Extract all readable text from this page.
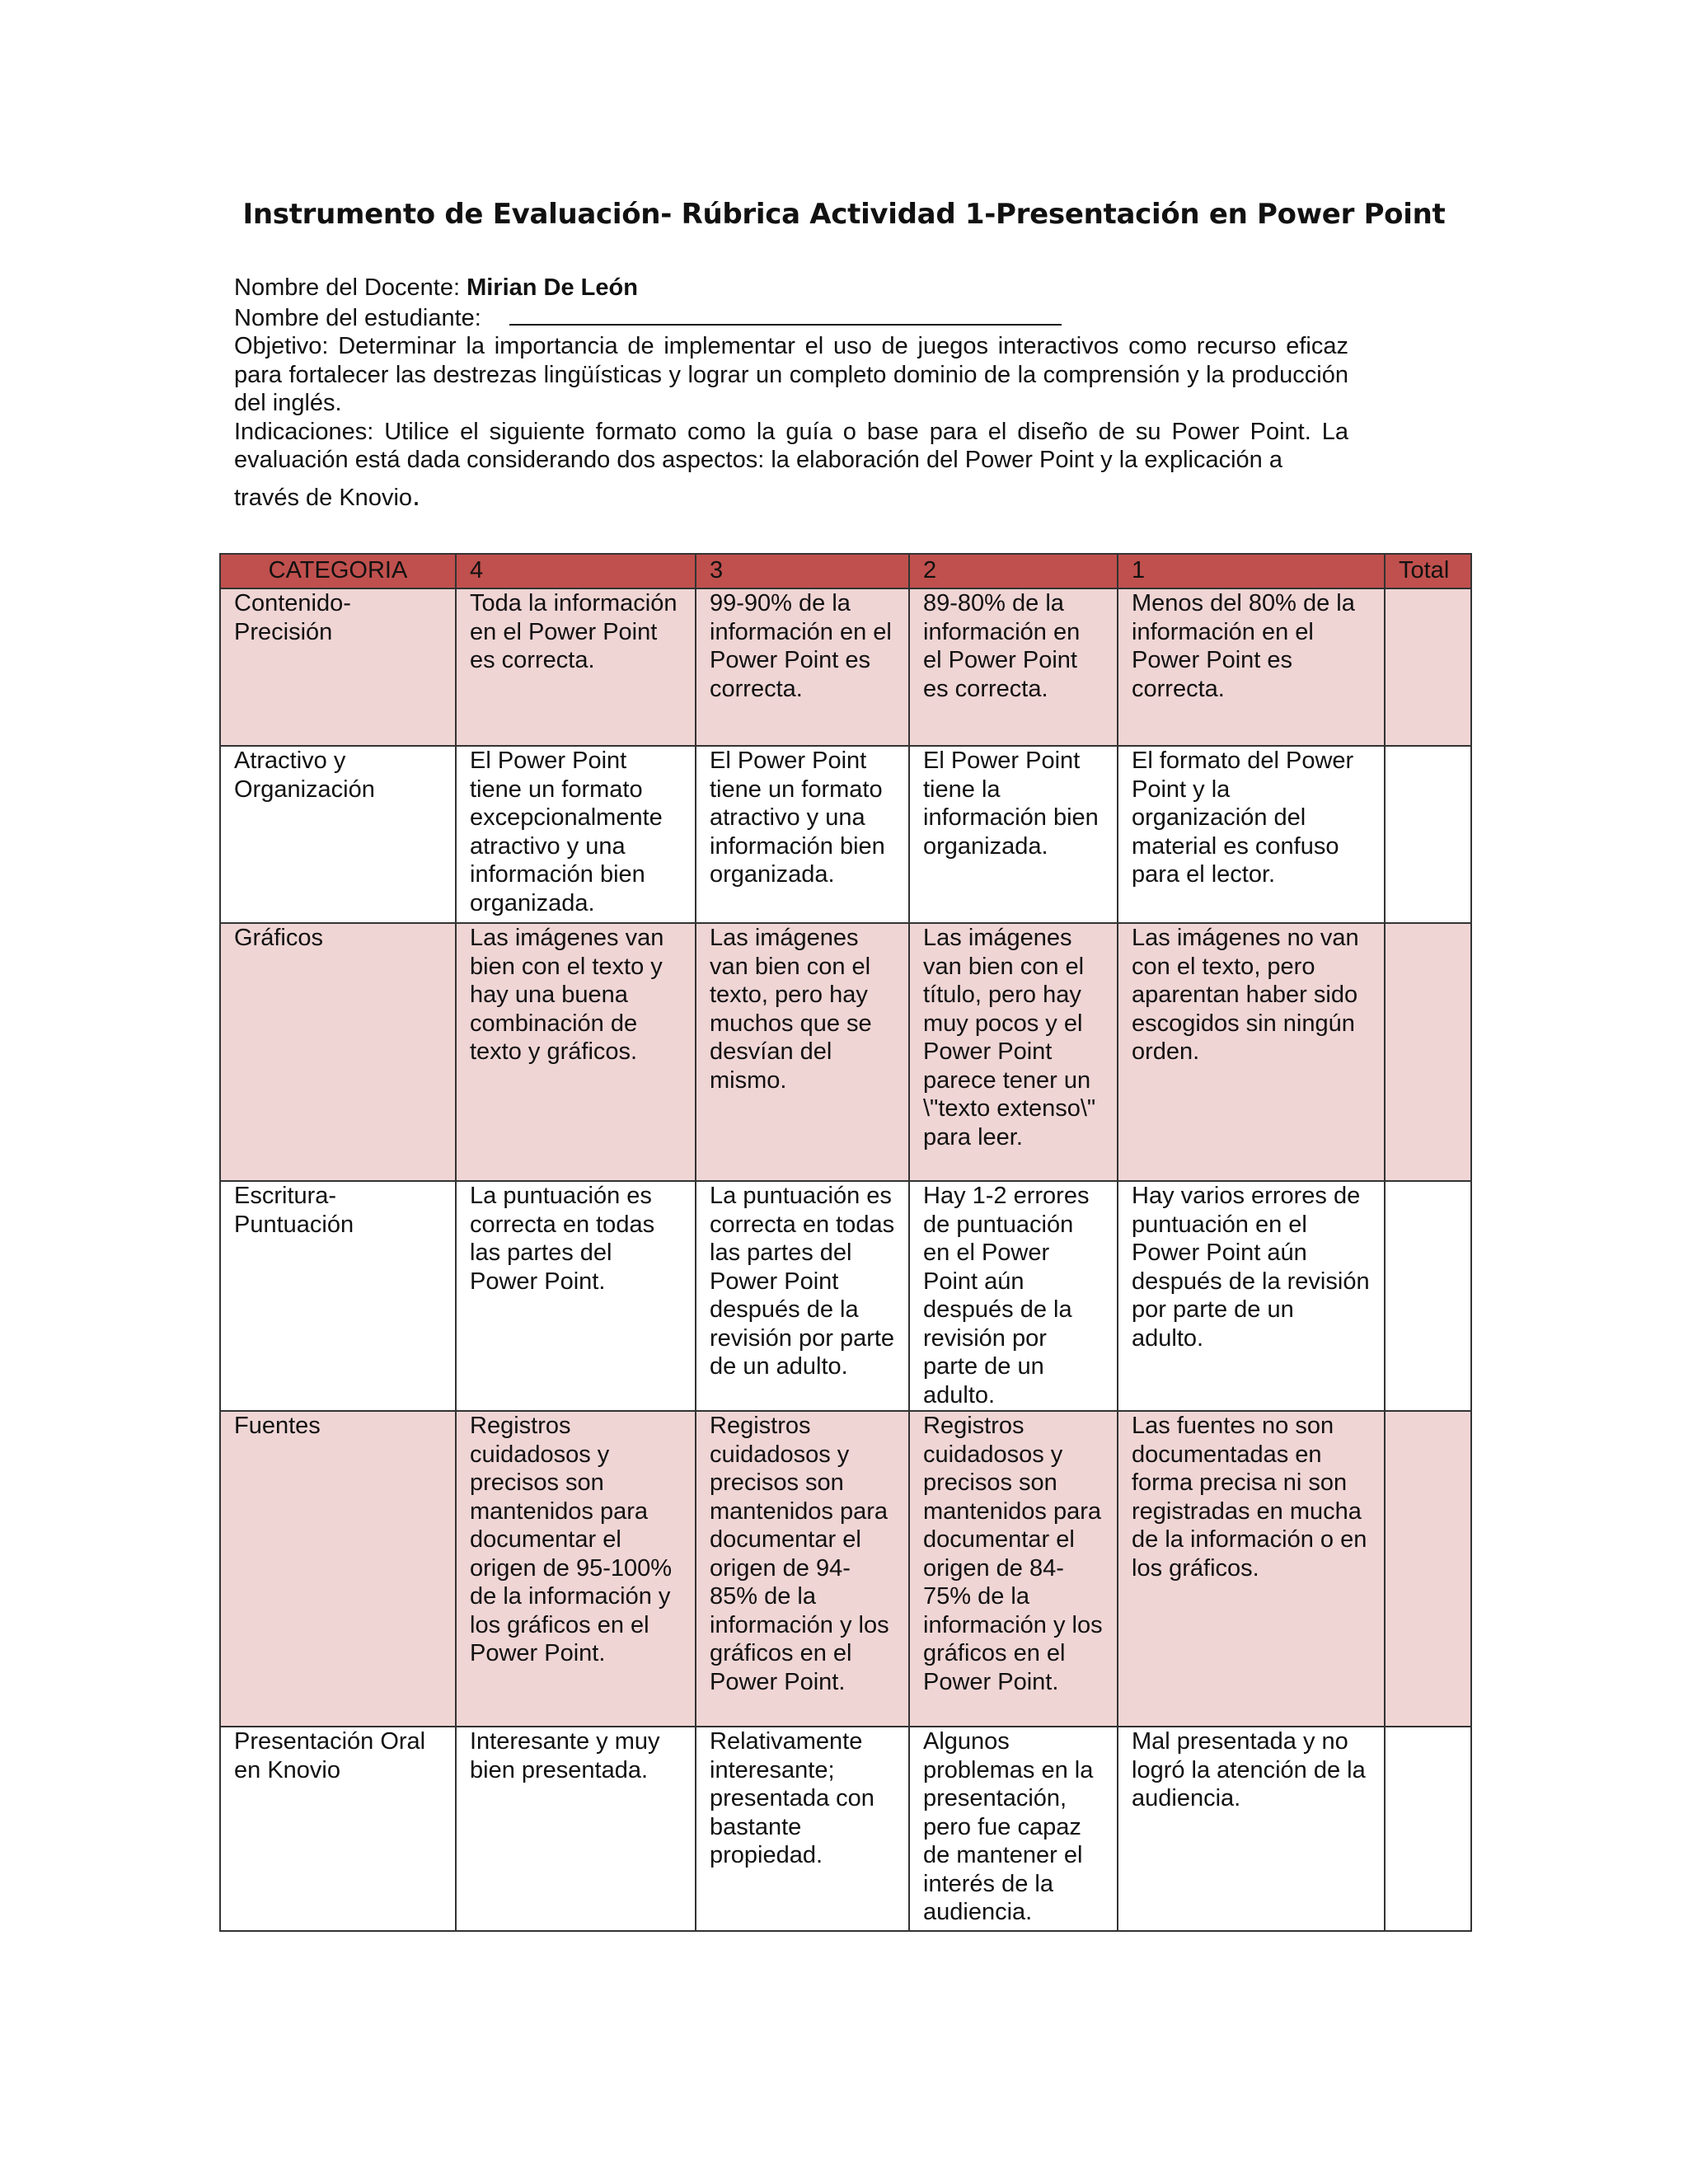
Instrumento de Evaluación- Rúbrica Actividad 1-Presentación en Power Point

Nombre del Docente: Mirian De León

Nombre del estudiante:

Objetivo: Determinar la importancia de implementar el uso de juegos interactivos como recurso eficaz para fortalecer las destrezas lingüísticas y lograr un completo dominio de la comprensión y la producción del inglés.

Indicaciones: Utilice el siguiente formato como la guía o base para el diseño de su Power Point. La evaluación está dada considerando dos aspectos: la elaboración del Power Point y la explicación a

través de Knovio.

CATEGORIA	4	3	2	1	Total
Contenido-Precisión	Toda la información en el Power Point es correcta.	99-90% de la información en el Power Point es correcta.	89-80% de la información en el Power Point es correcta.	Menos del 80% de la información en el Power Point es correcta.	
Atractivo y Organización	El Power Point tiene un formato excepcionalmente atractivo y una información bien organizada.	El Power Point tiene un formato atractivo y una información bien organizada.	El Power Point tiene la información bien organizada.	El formato del Power Point y la organización del material es confuso para el lector.	
Gráficos	Las imágenes van bien con el texto y hay una buena combinación de texto y gráficos.	Las imágenes van bien con el texto, pero hay muchos que se desvían del mismo.	Las imágenes van bien con el título, pero hay muy pocos y el Power Point parece tener un \"texto extenso\" para leer.	Las imágenes no van con el texto, pero aparentan haber sido escogidos sin ningún orden.	
Escritura-Puntuación	La puntuación es correcta en todas las partes del Power Point.	La puntuación es correcta en todas las partes del Power Point después de la revisión por parte de un adulto.	Hay 1-2 errores de puntuación en el Power Point aún después de la revisión por parte de un adulto.	Hay varios errores de puntuación en el Power Point aún después de la revisión por parte de un adulto.	
Fuentes	Registros cuidadosos y precisos son mantenidos para documentar el origen de 95-100% de la información y los gráficos en el Power Point.	Registros cuidadosos y precisos son mantenidos para documentar el origen de 94-85% de la información y los gráficos en el Power Point.	Registros cuidadosos y precisos son mantenidos para documentar el origen de 84-75% de la información y los gráficos en el Power Point.	Las fuentes no son documentadas en forma precisa ni son registradas en mucha de la información o en los gráficos.	
Presentación Oral en Knovio	Interesante y muy bien presentada.	Relativamente interesante; presentada con bastante propiedad.	Algunos problemas en la presentación, pero fue capaz de mantener el interés de la audiencia.	Mal presentada y no logró la atención de la audiencia.	
